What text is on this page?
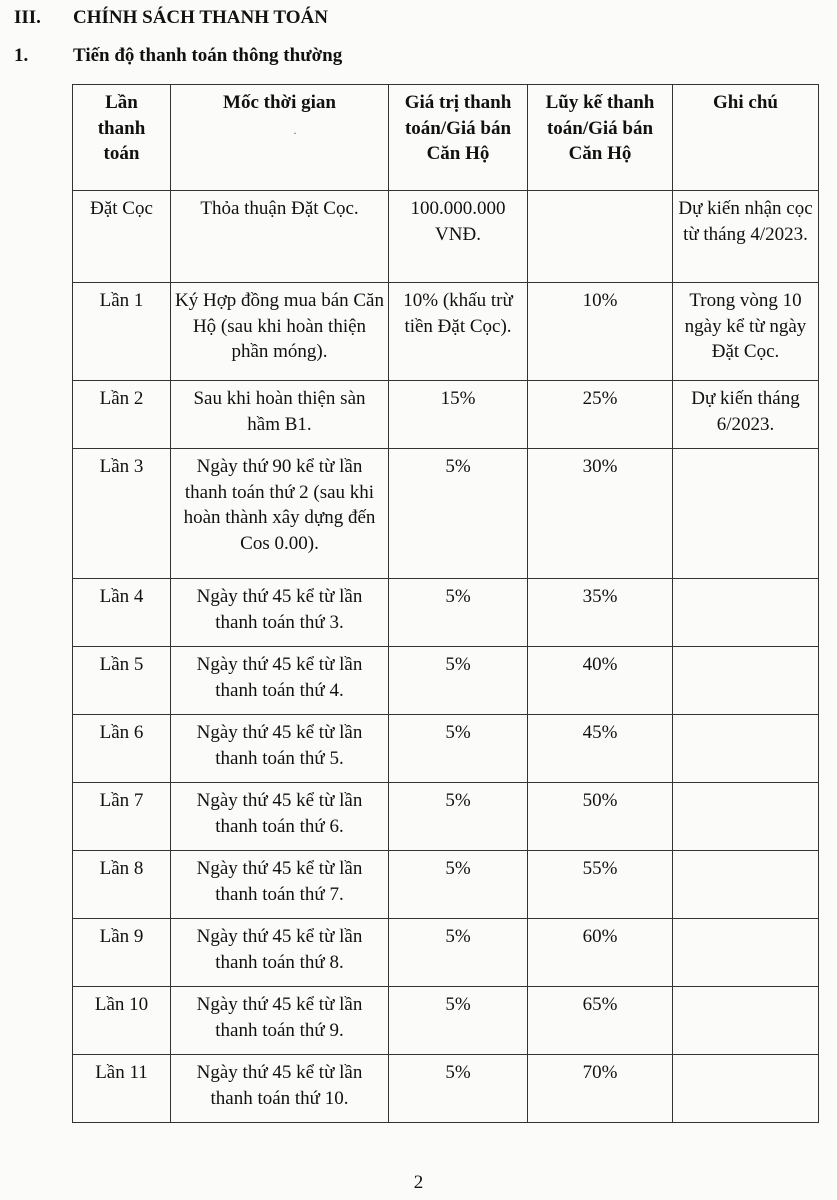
III. CHÍNH SÁCH THANH TOÁN
1. Tiến độ thanh toán thông thường
Lần thanh toán	Mốc thời gian	Giá trị thanh toán/Giá bán Căn Hộ	Lũy kế thanh toán/Giá bán Căn Hộ	Ghi chú
Đặt Cọc	Thỏa thuận Đặt Cọc.	100.000.000 VNĐ.		Dự kiến nhận cọc từ tháng 4/2023.
Lần 1	Ký Hợp đồng mua bán Căn Hộ (sau khi hoàn thiện phần móng).	10% (khấu trừ tiền Đặt Cọc).	10%	Trong vòng 10 ngày kể từ ngày Đặt Cọc.
Lần 2	Sau khi hoàn thiện sàn hầm B1.	15%	25%	Dự kiến tháng 6/2023.
Lần 3	Ngày thứ 90 kể từ lần thanh toán thứ 2 (sau khi hoàn thành xây dựng đến Cos 0.00).	5%	30%	
Lần 4	Ngày thứ 45 kể từ lần thanh toán thứ 3.	5%	35%	
Lần 5	Ngày thứ 45 kể từ lần thanh toán thứ 4.	5%	40%	
Lần 6	Ngày thứ 45 kể từ lần thanh toán thứ 5.	5%	45%	
Lần 7	Ngày thứ 45 kể từ lần thanh toán thứ 6.	5%	50%	
Lần 8	Ngày thứ 45 kể từ lần thanh toán thứ 7.	5%	55%	
Lần 9	Ngày thứ 45 kể từ lần thanh toán thứ 8.	5%	60%	
Lần 10	Ngày thứ 45 kể từ lần thanh toán thứ 9.	5%	65%	
Lần 11	Ngày thứ 45 kể từ lần thanh toán thứ 10.	5%	70%	
·
2
